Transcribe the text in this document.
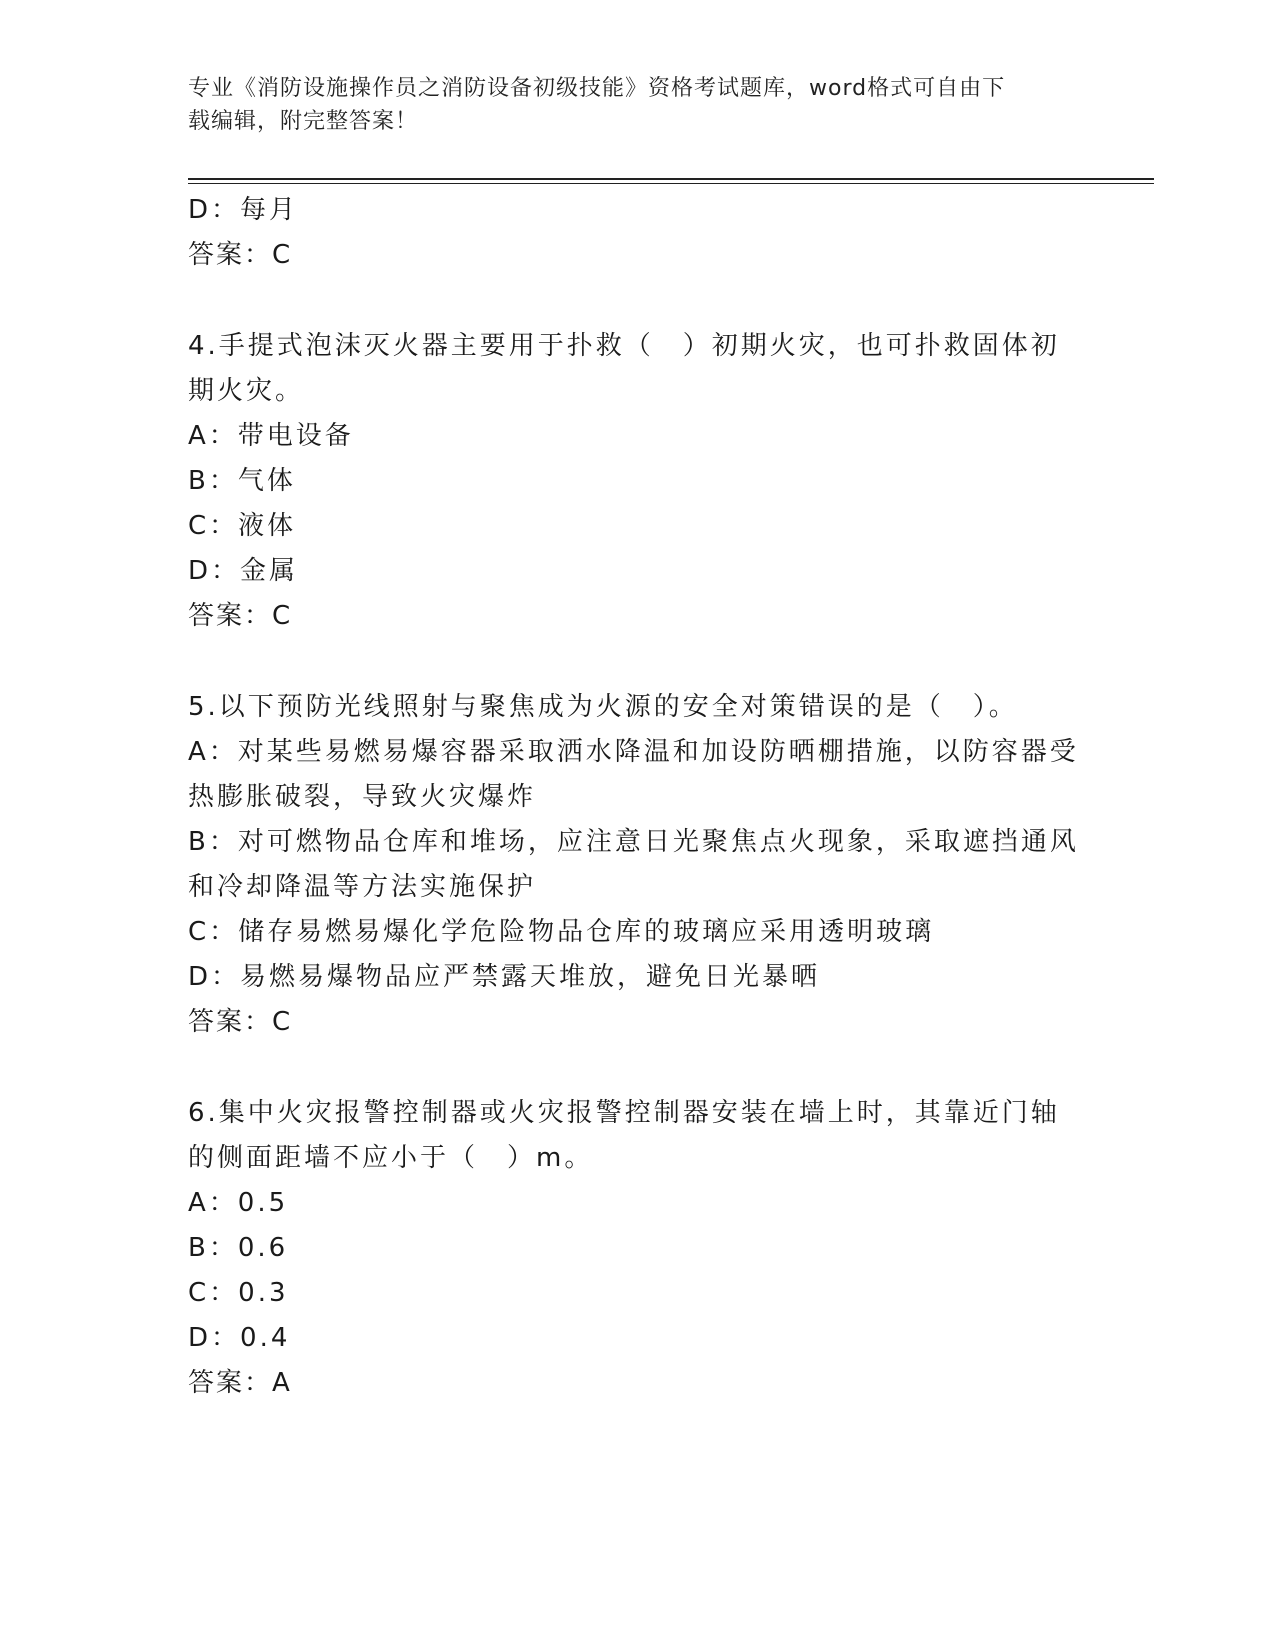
专业《消防设施操作员之消防设备初级技能》资格考试题库，word格式可自由下
载编辑，附完整答案！
D：每月
答案：C
4.手提式泡沫灭火器主要用于扑救（　）初期火灾，也可扑救固体初
期火灾。
A：带电设备
B：气体
C：液体
D：金属
答案：C
5.以下预防光线照射与聚焦成为火源的安全对策错误的是（　）。
A：对某些易燃易爆容器采取洒水降温和加设防晒棚措施，以防容器受
热膨胀破裂，导致火灾爆炸
B：对可燃物品仓库和堆场，应注意日光聚焦点火现象，采取遮挡通风
和冷却降温等方法实施保护
C：储存易燃易爆化学危险物品仓库的玻璃应采用透明玻璃
D：易燃易爆物品应严禁露天堆放，避免日光暴晒
答案：C
6.集中火灾报警控制器或火灾报警控制器安装在墙上时，其靠近门轴
的侧面距墙不应小于（　）m。
A：0.5
B：0.6
C：0.3
D：0.4
答案：A
